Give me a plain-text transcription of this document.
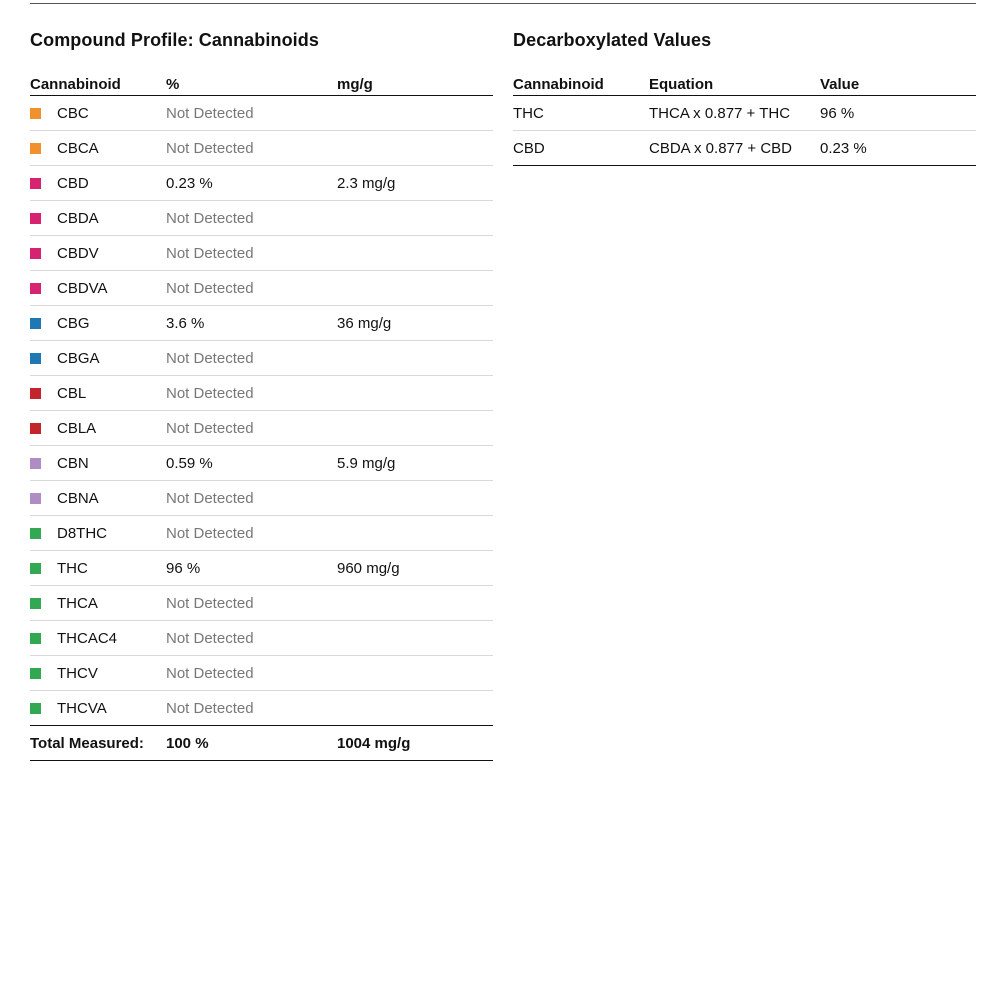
Compound Profile: Cannabinoids
Cannabinoid	%	mg/g
CBC	Not Detected	
CBCA	Not Detected	
CBD	0.23 %	2.3 mg/g
CBDA	Not Detected	
CBDV	Not Detected	
CBDVA	Not Detected	
CBG	3.6 %	36 mg/g
CBGA	Not Detected	
CBL	Not Detected	
CBLA	Not Detected	
CBN	0.59 %	5.9 mg/g
CBNA	Not Detected	
D8THC	Not Detected	
THC	96 %	960 mg/g
THCA	Not Detected	
THCAC4	Not Detected	
THCV	Not Detected	
THCVA	Not Detected	
Total Measured:	100 %	1004 mg/g
Decarboxylated Values
Cannabinoid	Equation	Value
THC	THCA x 0.877 + THC	96 %
CBD	CBDA x 0.877 + CBD	0.23 %
